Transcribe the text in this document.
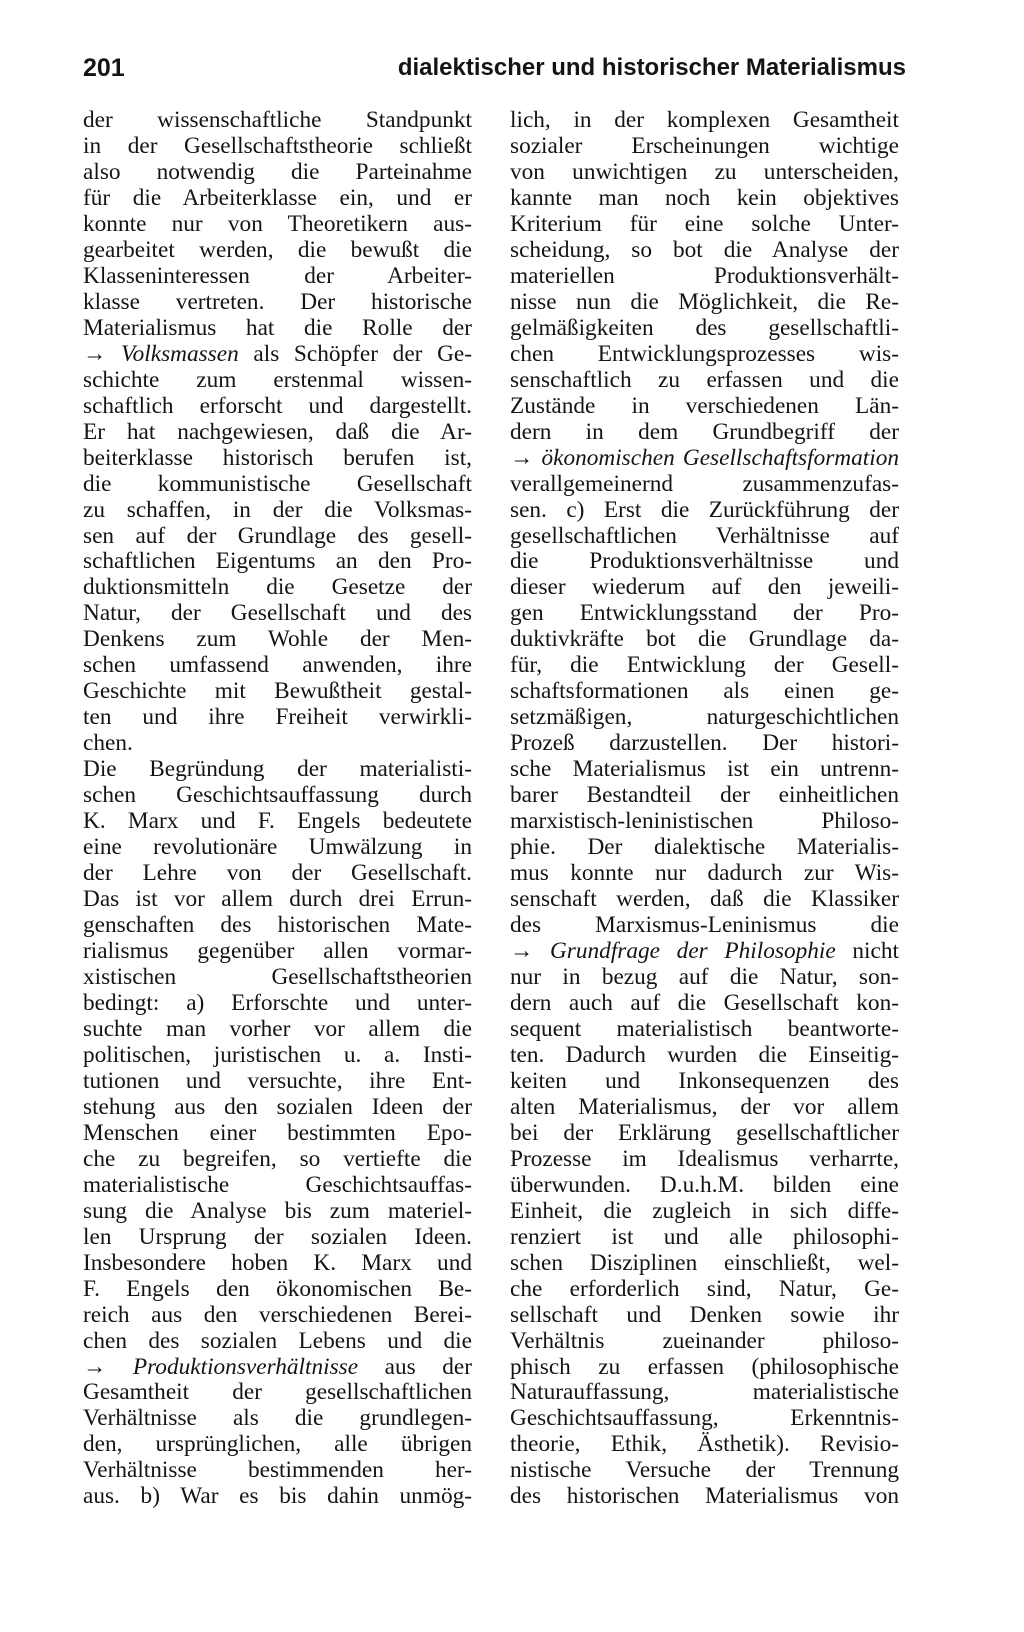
201	dialektischer und historischer Materialismus
der wissenschaftliche Standpunkt
in der Gesellschaftstheorie schließt
also notwendig die Parteinahme
für die Arbeiterklasse ein, und er
konnte nur von Theoretikern aus-
gearbeitet werden, die bewußt die
Klasseninteressen der Arbeiter-
klasse vertreten. Der historische
Materialismus hat die Rolle der
→ Volksmassen als Schöpfer der Ge-
schichte zum erstenmal wissen-
schaftlich erforscht und dargestellt.
Er hat nachgewiesen, daß die Ar-
beiterklasse historisch berufen ist,
die kommunistische Gesellschaft
zu schaffen, in der die Volksmas-
sen auf der Grundlage des gesell-
schaftlichen Eigentums an den Pro-
duktionsmitteln die Gesetze der
Natur, der Gesellschaft und des
Denkens zum Wohle der Men-
schen umfassend anwenden, ihre
Geschichte mit Bewußtheit gestal-
ten und ihre Freiheit verwirkli-
chen.
Die Begründung der materialisti-
schen Geschichtsauffassung durch
K. Marx und F. Engels bedeutete
eine revolutionäre Umwälzung in
der Lehre von der Gesellschaft.
Das ist vor allem durch drei Errun-
genschaften des historischen Mate-
rialismus gegenüber allen vormar-
xistischen Gesellschaftstheorien
bedingt: a) Erforschte und unter-
suchte man vorher vor allem die
politischen, juristischen u. a. Insti-
tutionen und versuchte, ihre Ent-
stehung aus den sozialen Ideen der
Menschen einer bestimmten Epo-
che zu begreifen, so vertiefte die
materialistische Geschichtsauffas-
sung die Analyse bis zum materiel-
len Ursprung der sozialen Ideen.
Insbesondere hoben K. Marx und
F. Engels den ökonomischen Be-
reich aus den verschiedenen Berei-
chen des sozialen Lebens und die
→ Produktionsverhältnisse aus der
Gesamtheit der gesellschaftlichen
Verhältnisse als die grundlegen-
den, ursprünglichen, alle übrigen
Verhältnisse bestimmenden her-
aus. b) War es bis dahin unmög-
lich, in der komplexen Gesamtheit
sozialer Erscheinungen wichtige
von unwichtigen zu unterscheiden,
kannte man noch kein objektives
Kriterium für eine solche Unter-
scheidung, so bot die Analyse der
materiellen Produktionsverhält-
nisse nun die Möglichkeit, die Re-
gelmäßigkeiten des gesellschaftli-
chen Entwicklungsprozesses wis-
senschaftlich zu erfassen und die
Zustände in verschiedenen Län-
dern in dem Grundbegriff der
→ ökonomischen Gesellschaftsformation
verallgemeinernd zusammenzufas-
sen. c) Erst die Zurückführung der
gesellschaftlichen Verhältnisse auf
die Produktionsverhältnisse und
dieser wiederum auf den jeweili-
gen Entwicklungsstand der Pro-
duktivkräfte bot die Grundlage da-
für, die Entwicklung der Gesell-
schaftsformationen als einen ge-
setzmäßigen, naturgeschichtlichen
Prozeß darzustellen. Der histori-
sche Materialismus ist ein untrenn-
barer Bestandteil der einheitlichen
marxistisch-leninistischen Philoso-
phie. Der dialektische Materialis-
mus konnte nur dadurch zur Wis-
senschaft werden, daß die Klassiker
des Marxismus-Leninismus die
→ Grundfrage der Philosophie nicht
nur in bezug auf die Natur, son-
dern auch auf die Gesellschaft kon-
sequent materialistisch beantworte-
ten. Dadurch wurden die Einseitig-
keiten und Inkonsequenzen des
alten Materialismus, der vor allem
bei der Erklärung gesellschaftlicher
Prozesse im Idealismus verharrte,
überwunden. D.u.h.M. bilden eine
Einheit, die zugleich in sich diffe-
renziert ist und alle philosophi-
schen Disziplinen einschließt, wel-
che erforderlich sind, Natur, Ge-
sellschaft und Denken sowie ihr
Verhältnis zueinander philoso-
phisch zu erfassen (philosophische
Naturauffassung, materialistische
Geschichtsauffassung, Erkenntnis-
theorie, Ethik, Ästhetik). Revisio-
nistische Versuche der Trennung
des historischen Materialismus von
